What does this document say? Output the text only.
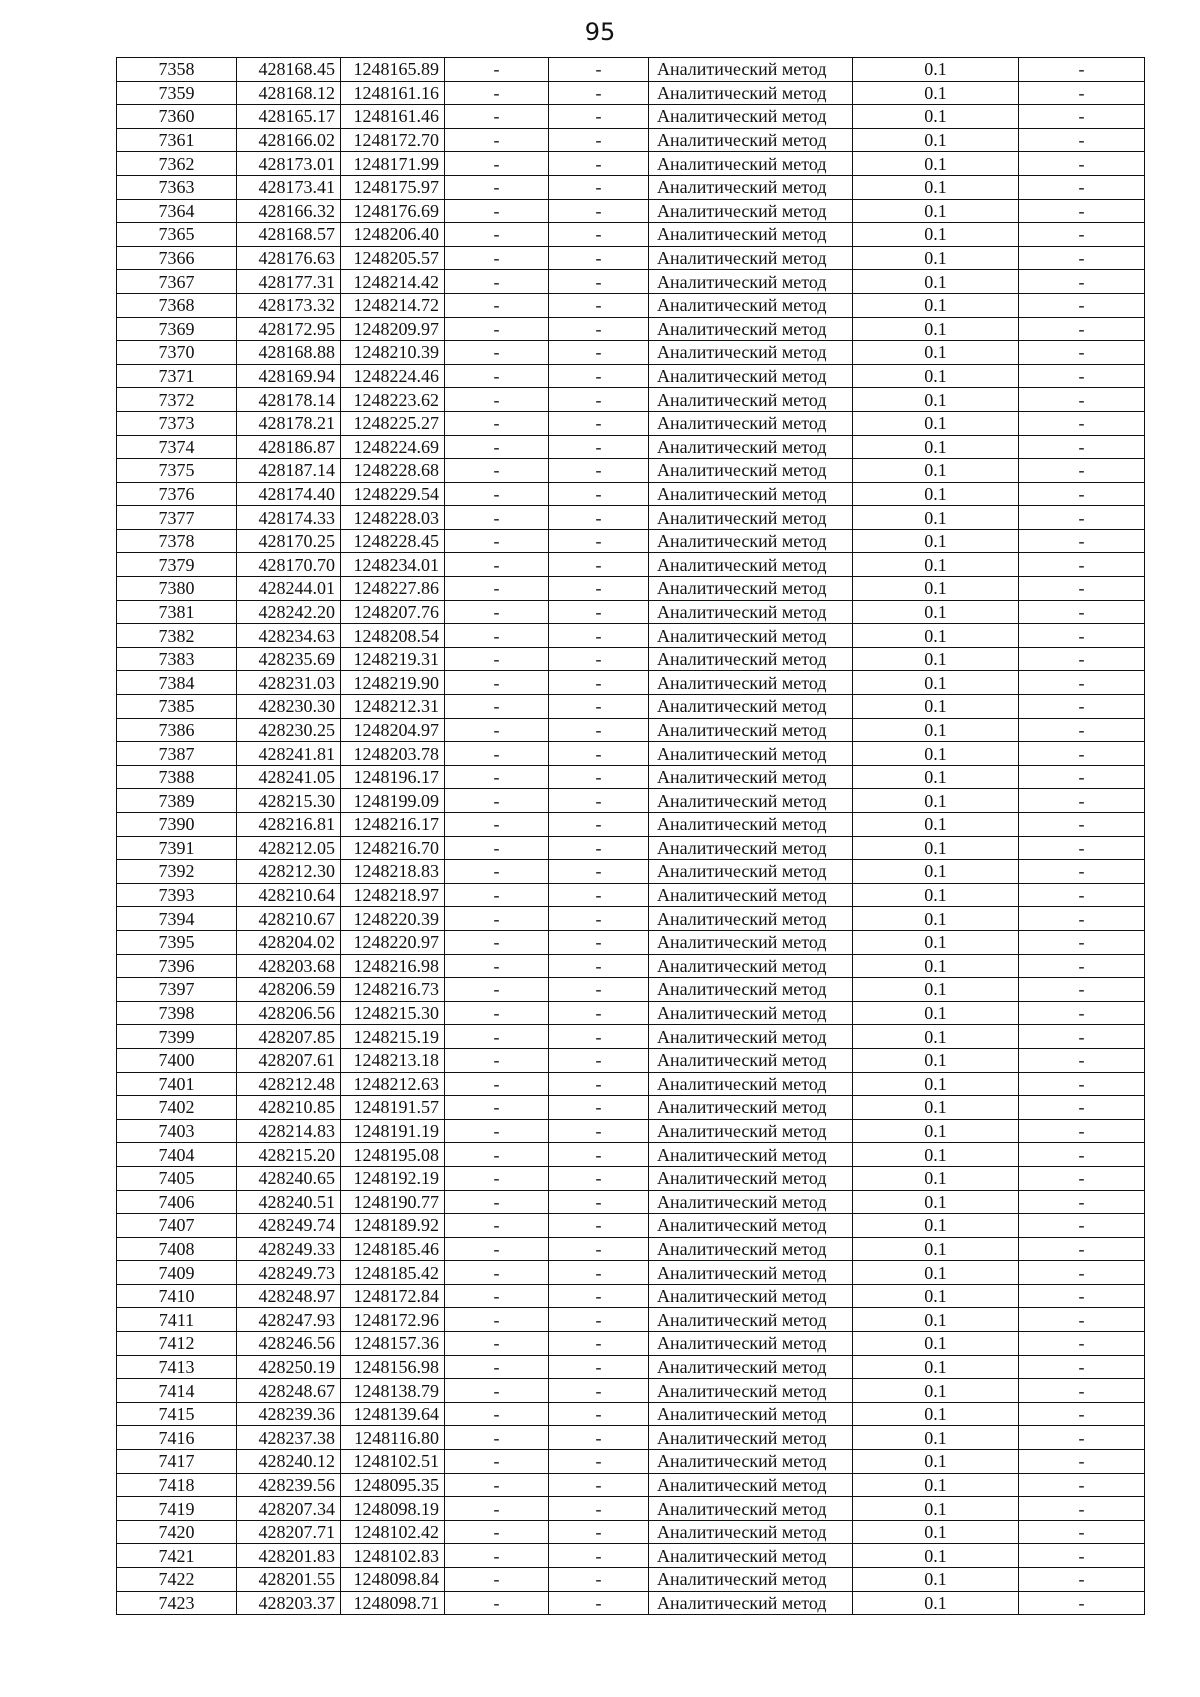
95
7358	428168.45	1248165.89	-	-	Аналитический метод	0.1	-
7359	428168.12	1248161.16	-	-	Аналитический метод	0.1	-
7360	428165.17	1248161.46	-	-	Аналитический метод	0.1	-
7361	428166.02	1248172.70	-	-	Аналитический метод	0.1	-
7362	428173.01	1248171.99	-	-	Аналитический метод	0.1	-
7363	428173.41	1248175.97	-	-	Аналитический метод	0.1	-
7364	428166.32	1248176.69	-	-	Аналитический метод	0.1	-
7365	428168.57	1248206.40	-	-	Аналитический метод	0.1	-
7366	428176.63	1248205.57	-	-	Аналитический метод	0.1	-
7367	428177.31	1248214.42	-	-	Аналитический метод	0.1	-
7368	428173.32	1248214.72	-	-	Аналитический метод	0.1	-
7369	428172.95	1248209.97	-	-	Аналитический метод	0.1	-
7370	428168.88	1248210.39	-	-	Аналитический метод	0.1	-
7371	428169.94	1248224.46	-	-	Аналитический метод	0.1	-
7372	428178.14	1248223.62	-	-	Аналитический метод	0.1	-
7373	428178.21	1248225.27	-	-	Аналитический метод	0.1	-
7374	428186.87	1248224.69	-	-	Аналитический метод	0.1	-
7375	428187.14	1248228.68	-	-	Аналитический метод	0.1	-
7376	428174.40	1248229.54	-	-	Аналитический метод	0.1	-
7377	428174.33	1248228.03	-	-	Аналитический метод	0.1	-
7378	428170.25	1248228.45	-	-	Аналитический метод	0.1	-
7379	428170.70	1248234.01	-	-	Аналитический метод	0.1	-
7380	428244.01	1248227.86	-	-	Аналитический метод	0.1	-
7381	428242.20	1248207.76	-	-	Аналитический метод	0.1	-
7382	428234.63	1248208.54	-	-	Аналитический метод	0.1	-
7383	428235.69	1248219.31	-	-	Аналитический метод	0.1	-
7384	428231.03	1248219.90	-	-	Аналитический метод	0.1	-
7385	428230.30	1248212.31	-	-	Аналитический метод	0.1	-
7386	428230.25	1248204.97	-	-	Аналитический метод	0.1	-
7387	428241.81	1248203.78	-	-	Аналитический метод	0.1	-
7388	428241.05	1248196.17	-	-	Аналитический метод	0.1	-
7389	428215.30	1248199.09	-	-	Аналитический метод	0.1	-
7390	428216.81	1248216.17	-	-	Аналитический метод	0.1	-
7391	428212.05	1248216.70	-	-	Аналитический метод	0.1	-
7392	428212.30	1248218.83	-	-	Аналитический метод	0.1	-
7393	428210.64	1248218.97	-	-	Аналитический метод	0.1	-
7394	428210.67	1248220.39	-	-	Аналитический метод	0.1	-
7395	428204.02	1248220.97	-	-	Аналитический метод	0.1	-
7396	428203.68	1248216.98	-	-	Аналитический метод	0.1	-
7397	428206.59	1248216.73	-	-	Аналитический метод	0.1	-
7398	428206.56	1248215.30	-	-	Аналитический метод	0.1	-
7399	428207.85	1248215.19	-	-	Аналитический метод	0.1	-
7400	428207.61	1248213.18	-	-	Аналитический метод	0.1	-
7401	428212.48	1248212.63	-	-	Аналитический метод	0.1	-
7402	428210.85	1248191.57	-	-	Аналитический метод	0.1	-
7403	428214.83	1248191.19	-	-	Аналитический метод	0.1	-
7404	428215.20	1248195.08	-	-	Аналитический метод	0.1	-
7405	428240.65	1248192.19	-	-	Аналитический метод	0.1	-
7406	428240.51	1248190.77	-	-	Аналитический метод	0.1	-
7407	428249.74	1248189.92	-	-	Аналитический метод	0.1	-
7408	428249.33	1248185.46	-	-	Аналитический метод	0.1	-
7409	428249.73	1248185.42	-	-	Аналитический метод	0.1	-
7410	428248.97	1248172.84	-	-	Аналитический метод	0.1	-
7411	428247.93	1248172.96	-	-	Аналитический метод	0.1	-
7412	428246.56	1248157.36	-	-	Аналитический метод	0.1	-
7413	428250.19	1248156.98	-	-	Аналитический метод	0.1	-
7414	428248.67	1248138.79	-	-	Аналитический метод	0.1	-
7415	428239.36	1248139.64	-	-	Аналитический метод	0.1	-
7416	428237.38	1248116.80	-	-	Аналитический метод	0.1	-
7417	428240.12	1248102.51	-	-	Аналитический метод	0.1	-
7418	428239.56	1248095.35	-	-	Аналитический метод	0.1	-
7419	428207.34	1248098.19	-	-	Аналитический метод	0.1	-
7420	428207.71	1248102.42	-	-	Аналитический метод	0.1	-
7421	428201.83	1248102.83	-	-	Аналитический метод	0.1	-
7422	428201.55	1248098.84	-	-	Аналитический метод	0.1	-
7423	428203.37	1248098.71	-	-	Аналитический метод	0.1	-
